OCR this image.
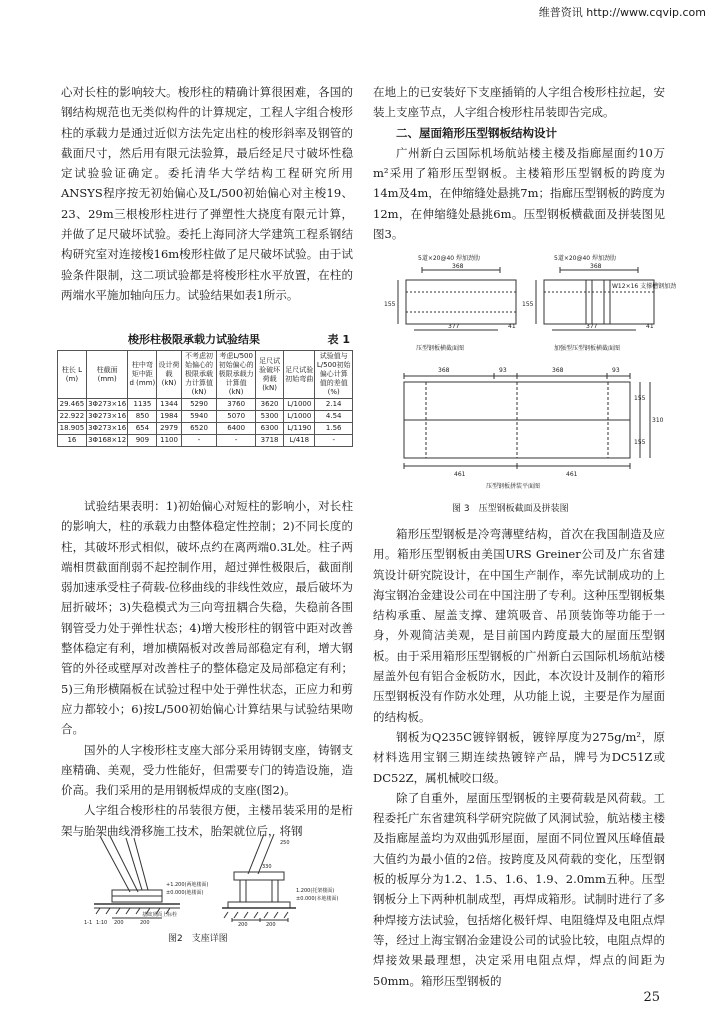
维普资讯 http://www.cqvip.com

心对长柱的影响较大。梭形柱的精确计算很困难，各国的钢结构规范也无类似构件的计算规定，工程人字组合梭形柱的承载力是通过近似方法先定出柱的梭形斜率及钢管的截面尺寸，然后用有限元法验算，最后经足尺寸破坏性稳定试验验证确定。委托清华大学结构工程研究所用ANSYS程序按无初始偏心及L/500初始偏心对主梭19、23、29m三根梭形柱进行了弹塑性大挠度有限元计算，并做了足尺破坏试验。委托上海同济大学建筑工程系钢结构研究室对连接梭16m梭形柱做了足尺破坏试验。由于试验条件限制，这二项试验都是将梭形柱水平放置，在柱的两端水平施加轴向压力。试验结果如表1所示。

梭形柱极限承载力试验结果	表 1
柱长 L (m)	柱截面 (mm)	柱中弯矩中距 d (mm)	设计荷载 (kN)	不考虑初始偏心的极限承载力计算值 (kN)	考虑L/500初始偏心的极限承载力计算值 (kN)	足尺试验破坏荷载 (kN)	足尺试验初始弯曲	试验值与L/500初始偏心计算值的差值 (%)
29.465	3Φ273×16	1135	1344	5290	3760	3620	L/1000	2.14
22.922	3Φ273×16	850	1984	5940	5070	5300	L/1000	4.54
18.905	3Φ273×16	654	2979	6520	6400	6300	L/1190	1.56
16	3Φ168×12	909	1100	-	-	3718	L/418	-

试验结果表明：1)初始偏心对短柱的影响小，对长柱的影响大，柱的承载力由整体稳定性控制；2)不同长度的柱，其破坏形式相似，破坏点约在离两端0.3L处。柱子两端相贯截面削弱不起控制作用，超过弹性极限后，截面削弱加速承受柱子荷载-位移曲线的非线性效应，最后破坏为屈折破坏；3)失稳模式为三向弯扭耦合失稳，失稳前各围钢管受力处于弹性状态；4)增大梭形柱的钢管中距对改善整体稳定有利，增加横隔板对改善局部稳定有利，增大钢管的外径或壁厚对改善柱子的整体稳定及局部稳定有利；5)三角形横隔板在试验过程中处于弹性状态，正应力和剪应力都较小；6)按L/500初始偏心计算结果与试验结果吻合。

国外的人字梭形柱支座大部分采用铸钢支座，铸钢支座精确、美观，受力性能好，但需要专门的铸造设施，造价高。我们采用的是用钢板焊成的支座(图2)。

人字组合梭形柱的吊装很方便，主楼吊装采用的是桁架与胎架曲线滑移施工技术，胎架就位后，将钢

+1.200(两地楼面)
±0.000(地楼面)
基础顶面上标栓
200	200
1-1 1:10
1.200(托架楼面)
±0.000(本地楼面)
250
330
200	200
图2　支座详图

在地上的已安装好下支座插销的人字组合梭形柱拉起，安装上支座节点，人字组合梭形柱吊装即告完成。

二、屋面箱形压型钢板结构设计

广州新白云国际机场航站楼主楼及指廊屋面约10万m²采用了箱形压型钢板。主楼箱形压型钢板的跨度为14m及4m，在伸缩缝处悬挑7m；指廊压型钢板的跨度为12m，在伸缩缝处悬挑6m。压型钢板横截面及拼装图见图3。

5道×20@40 焊加劲肋
368
155
377	41
5道×20@40 焊加劲肋
368
155
377	41
W12×16 支撑槽钢加劲
压型钢板横截面图	加强型压型钢板横截面图
368	93	368	93
155
310
155
461	461
压型钢板拼装平面图
图 3　压型钢板截面及拼装图

箱形压型钢板是冷弯薄壁结构，首次在我国制造及应用。箱形压型钢板由美国URS Greiner公司及广东省建筑设计研究院设计，在中国生产制作，率先试制成功的上海宝钢冶金建设公司在中国注册了专利。这种压型钢板集结构承重、屋盖支撑、建筑吸音、吊顶装饰等功能于一身，外观简洁美观，是目前国内跨度最大的屋面压型钢板。由于采用箱形压型钢板的广州新白云国际机场航站楼屋盖外包有铝合金板防水，因此，本次设计及制作的箱形压型钢板没有作防水处理，从功能上说，主要是作为屋面的结构板。

钢板为Q235C镀锌钢板，镀锌厚度为275g/m²，原材料选用宝钢三期连续热镀锌产品，牌号为DC51Z或DC52Z，属机械咬口级。

除了自重外，屋面压型钢板的主要荷载是风荷载。工程委托广东省建筑科学研究院做了风洞试验，航站楼主楼及指廊屋盖均为双曲弧形屋面，屋面不同位置风压峰值最大值约为最小值的2倍。按跨度及风荷载的变化，压型钢板的板厚分为1.2、1.5、1.6、1.9、2.0mm五种。压型钢板分上下两种机制成型，再焊成箱形。试制时进行了多种焊接方法试验，包括熔化极钎焊、电阻缝焊及电阻点焊等，经过上海宝钢冶金建设公司的试验比较，电阻点焊的焊接效果最理想，决定采用电阻点焊，焊点的间距为50mm。箱形压型钢板的

25
